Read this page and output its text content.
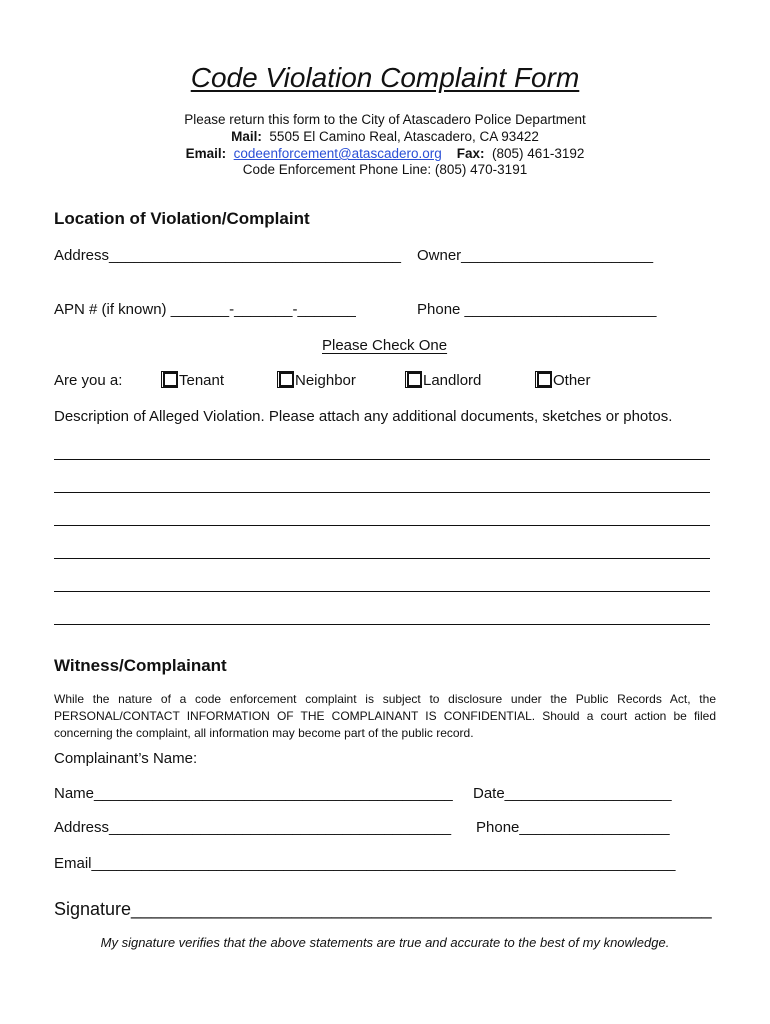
Code Violation Complaint Form
Please return this form to the City of Atascadero Police Department
Mail: 5505 El Camino Real, Atascadero, CA 93422
Email: codeenforcement@atascadero.org Fax: (805) 461-3192
Code Enforcement Phone Line: (805) 470-3191
Location of Violation/Complaint
Address___________________________________ Owner_______________________
APN # (if known) _______-_______-_______	Phone _______________________
Please Check One
Are you a:	Tenant	Neighbor	Landlord	Other
Description of Alleged Violation. Please attach any additional documents, sketches or photos.
Witness/Complainant
While the nature of a code enforcement complaint is subject to disclosure under the Public Records Act, the PERSONAL/CONTACT INFORMATION OF THE COMPLAINANT IS CONFIDENTIAL. Should a court action be filed concerning the complaint, all information may become part of the public record.
Complainant’s Name:
Name___________________________________________ Date____________________
Address_________________________________________ Phone__________________
Email______________________________________________________________________
Signature__________________________________________________________
My signature verifies that the above statements are true and accurate to the best of my knowledge.
